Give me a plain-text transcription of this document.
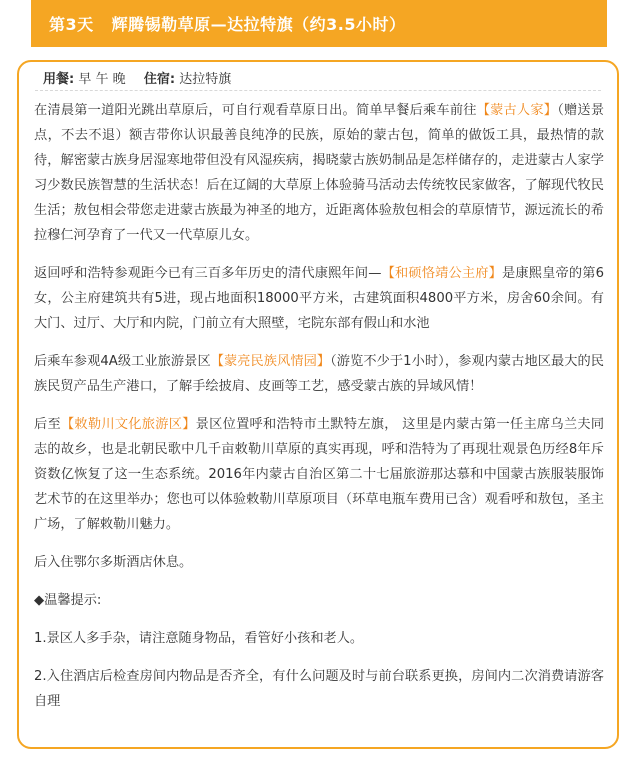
第3天 辉腾锡勒草原—达拉特旗（约3.5小时）
用餐: 早 午 晚 住宿: 达拉特旗

在清晨第一道阳光跳出草原后，可自行观看草原日出。简单早餐后乘车前往【蒙古人家】（赠送景点，不去不退）额吉带你认识最善良纯净的民族，原始的蒙古包，简单的做饭工具，最热情的款待，解密蒙古族身居湿寒地带但没有风湿疾病，揭晓蒙古族奶制品是怎样储存的，走进蒙古人家学习少数民族智慧的生活状态！后在辽阔的大草原上体验骑马活动去传统牧民家做客，了解现代牧民生活；敖包相会带您走进蒙古族最为神圣的地方，近距离体验敖包相会的草原情节，源远流长的希拉穆仁河孕育了一代又一代草原儿女。

返回呼和浩特参观距今已有三百多年历史的清代康熙年间—【和硕恪靖公主府】是康熙皇帝的第6女，公主府建筑共有5进，现占地面积18000平方米，古建筑面积4800平方米，房舍60余间。有大门、过厅、大厅和内院，门前立有大照壁，宅院东部有假山和水池

后乘车参观4A级工业旅游景区【蒙亮民族风情园】（游览不少于1小时），参观内蒙古地区最大的民族民贸产品生产港口，了解手绘披肩、皮画等工艺，感受蒙古族的异域风情！

后至【敕勒川文化旅游区】景区位置呼和浩特市土默特左旗， 这里是内蒙古第一任主席乌兰夫同志的故乡，也是北朝民歌中几千亩敕勒川草原的真实再现，呼和浩特为了再现壮观景色历经8年斥资数亿恢复了这一生态系统。2016年内蒙古自治区第二十七届旅游那达慕和中国蒙古族服装服饰艺术节的在这里举办；您也可以体验敕勒川草原项目（环草电瓶车费用已含）观看呼和敖包，圣主广场，了解敕勒川魅力。

后入住鄂尔多斯酒店休息。

◆温馨提示:

1.景区人多手杂，请注意随身物品，看管好小孩和老人。

2.入住酒店后检查房间内物品是否齐全，有什么问题及时与前台联系更换，房间内二次消费请游客自理
